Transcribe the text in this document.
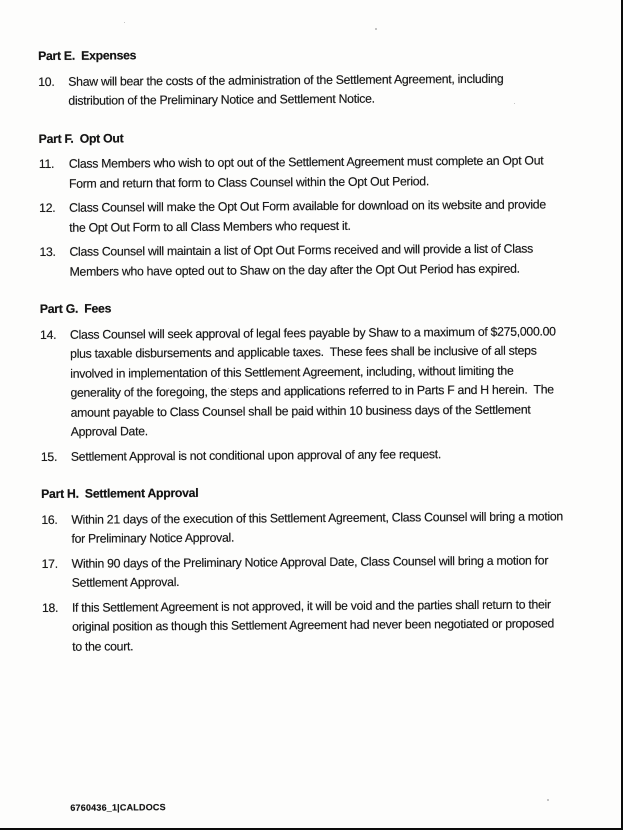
Part E.  Expenses
10.	Shaw will bear the costs of the administration of the Settlement Agreement, including distribution of the Preliminary Notice and Settlement Notice.

Part F.  Opt Out
11.	Class Members who wish to opt out of the Settlement Agreement must complete an Opt Out Form and return that form to Class Counsel within the Opt Out Period.

12.	Class Counsel will make the Opt Out Form available for download on its website and provide the Opt Out Form to all Class Members who request it.

13.	Class Counsel will maintain a list of Opt Out Forms received and will provide a list of Class Members who have opted out to Shaw on the day after the Opt Out Period has expired.

Part G.  Fees
14.	Class Counsel will seek approval of legal fees payable by Shaw to a maximum of $275,000.00 plus taxable disbursements and applicable taxes.  These fees shall be inclusive of all steps involved in implementation of this Settlement Agreement, including, without limiting the generality of the foregoing, the steps and applications referred to in Parts F and H herein.  The amount payable to Class Counsel shall be paid within 10 business days of the Settlement Approval Date.

15.	Settlement Approval is not conditional upon approval of any fee request.

Part H.  Settlement Approval
16.	Within 21 days of the execution of this Settlement Agreement, Class Counsel will bring a motion for Preliminary Notice Approval.

17.	Within 90 days of the Preliminary Notice Approval Date, Class Counsel will bring a motion for Settlement Approval.

18.	If this Settlement Agreement is not approved, it will be void and the parties shall return to their original position as though this Settlement Agreement had never been negotiated or proposed to the court.

6760436_1|CALDOCS
